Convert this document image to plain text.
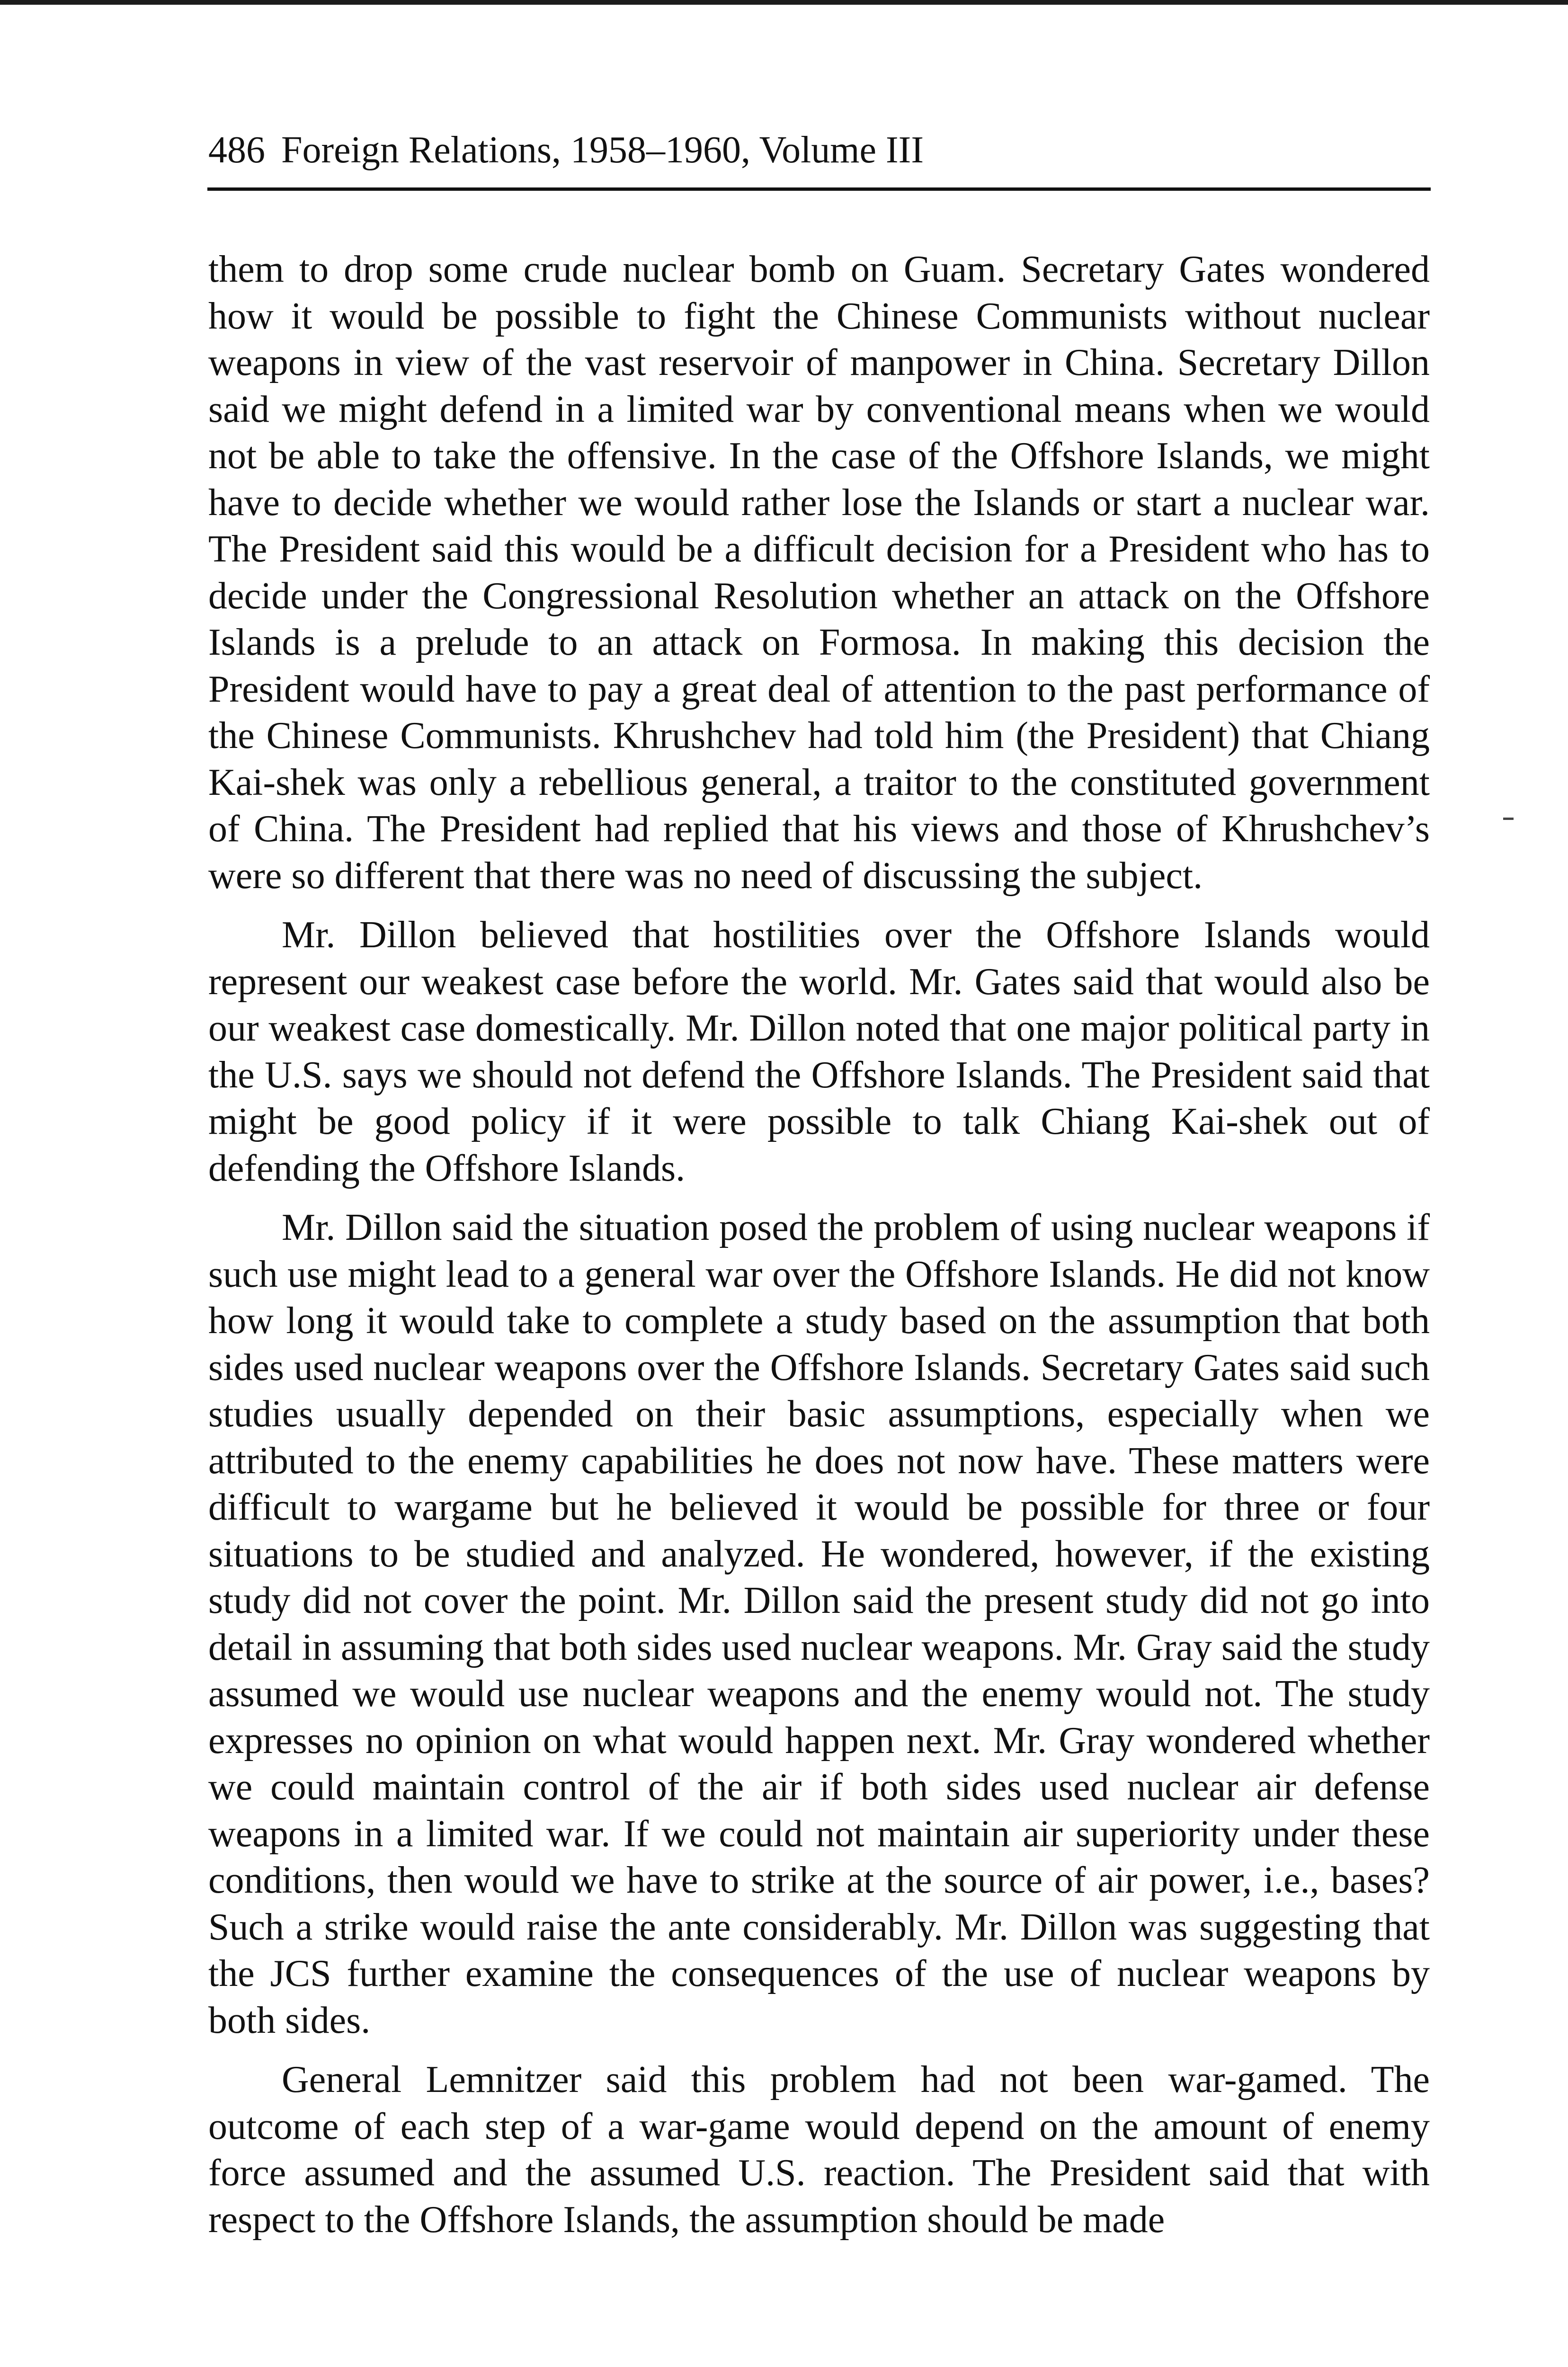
486 Foreign Relations, 1958–1960, Volume III

them to drop some crude nuclear bomb on Guam. Secretary Gates wondered how it would be possible to fight the Chinese Communists without nuclear weapons in view of the vast reservoir of manpower in China. Secretary Dillon said we might defend in a limited war by conventional means when we would not be able to take the offensive. In the case of the Offshore Islands, we might have to decide whether we would rather lose the Islands or start a nuclear war. The President said this would be a difficult decision for a President who has to decide under the Congressional Resolution whether an attack on the Offshore Islands is a prelude to an attack on Formosa. In making this decision the President would have to pay a great deal of attention to the past performance of the Chinese Communists. Khrushchev had told him (the President) that Chiang Kai-shek was only a rebellious general, a traitor to the constituted government of China. The President had replied that his views and those of Khrushchev’s were so different that there was no need of discussing the subject.

Mr. Dillon believed that hostilities over the Offshore Islands would represent our weakest case before the world. Mr. Gates said that would also be our weakest case domestically. Mr. Dillon noted that one major political party in the U.S. says we should not defend the Offshore Islands. The President said that might be good policy if it were possible to talk Chiang Kai-shek out of defending the Offshore Islands.

Mr. Dillon said the situation posed the problem of using nuclear weapons if such use might lead to a general war over the Offshore Islands. He did not know how long it would take to complete a study based on the assumption that both sides used nuclear weapons over the Offshore Islands. Secretary Gates said such studies usually depended on their basic assumptions, especially when we attributed to the enemy capabilities he does not now have. These matters were difficult to wargame but he believed it would be possible for three or four situations to be studied and analyzed. He wondered, however, if the existing study did not cover the point. Mr. Dillon said the present study did not go into detail in assuming that both sides used nuclear weapons. Mr. Gray said the study assumed we would use nuclear weapons and the enemy would not. The study expresses no opinion on what would happen next. Mr. Gray wondered whether we could maintain control of the air if both sides used nuclear air defense weapons in a limited war. If we could not maintain air superiority under these conditions, then would we have to strike at the source of air power, i.e., bases? Such a strike would raise the ante considerably. Mr. Dillon was suggesting that the JCS further examine the consequences of the use of nuclear weapons by both sides.

General Lemnitzer said this problem had not been war-gamed. The outcome of each step of a war-game would depend on the amount of enemy force assumed and the assumed U.S. reaction. The President said that with respect to the Offshore Islands, the assumption should be made
